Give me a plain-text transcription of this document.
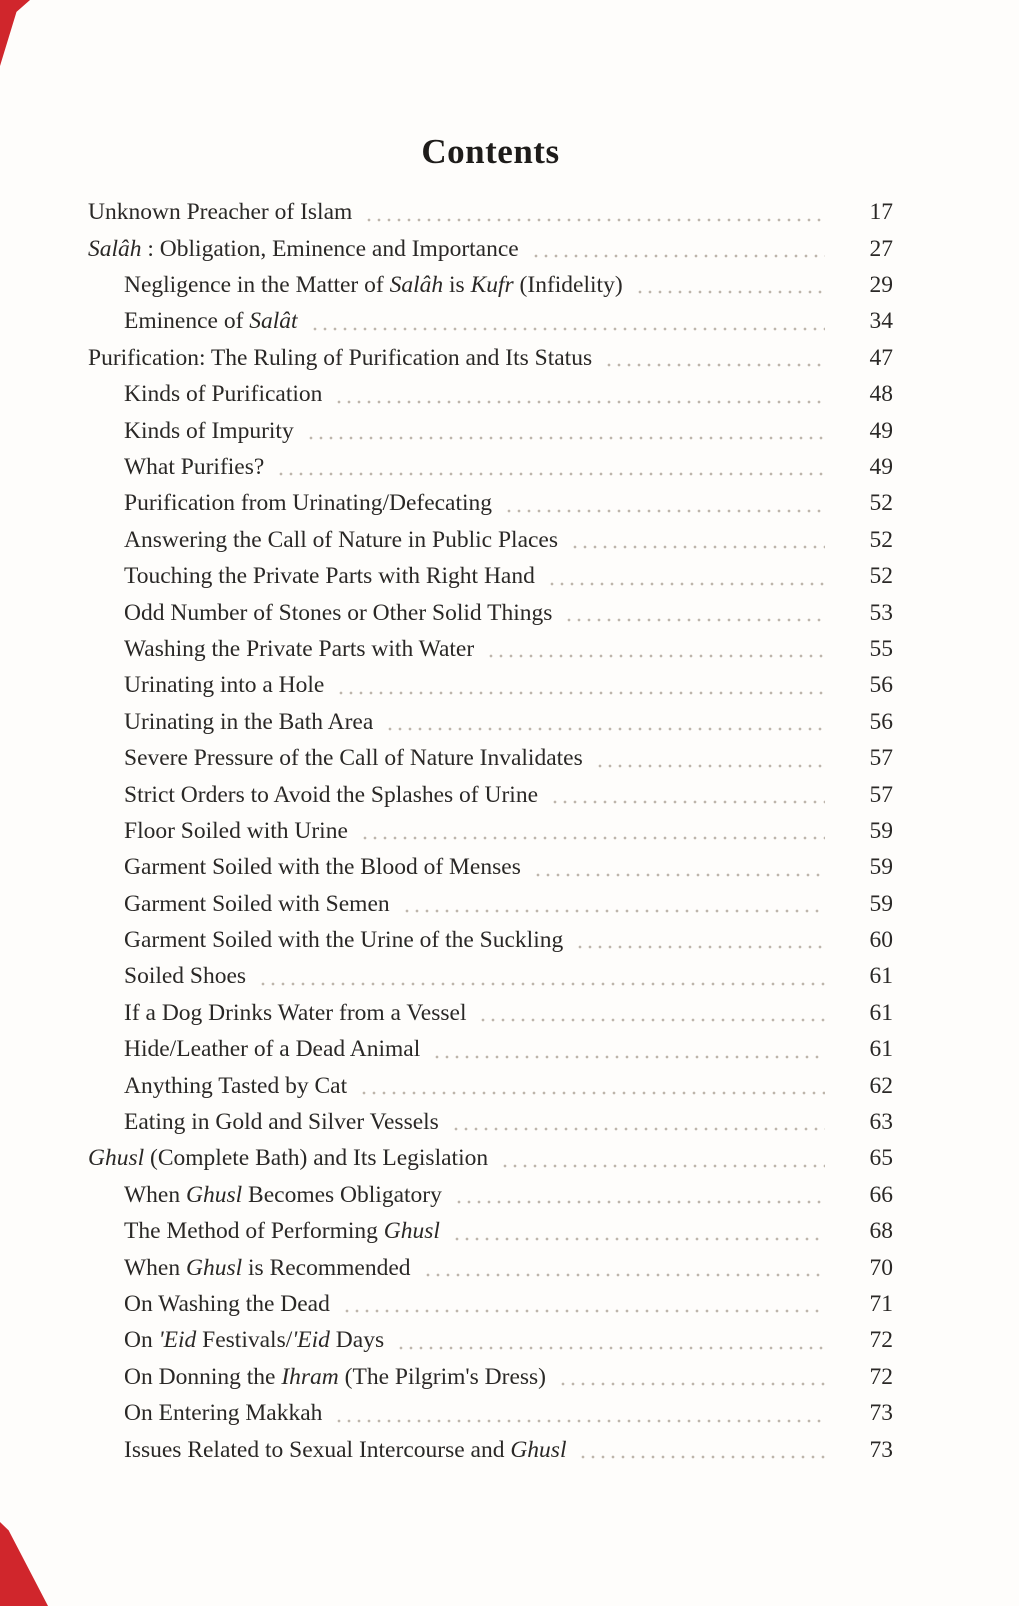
Contents
Unknown Preacher of Islam	17
Salâh : Obligation, Eminence and Importance	27
Negligence in the Matter of Salâh is Kufr (Infidelity)	29
Eminence of Salât	34
Purification: The Ruling of Purification and Its Status	47
Kinds of Purification	48
Kinds of Impurity	49
What Purifies?	49
Purification from Urinating/Defecating	52
Answering the Call of Nature in Public Places	52
Touching the Private Parts with Right Hand	52
Odd Number of Stones or Other Solid Things	53
Washing the Private Parts with Water	55
Urinating into a Hole	56
Urinating in the Bath Area	56
Severe Pressure of the Call of Nature Invalidates	57
Strict Orders to Avoid the Splashes of Urine	57
Floor Soiled with Urine	59
Garment Soiled with the Blood of Menses	59
Garment Soiled with Semen	59
Garment Soiled with the Urine of the Suckling	60
Soiled Shoes	61
If a Dog Drinks Water from a Vessel	61
Hide/Leather of a Dead Animal	61
Anything Tasted by Cat	62
Eating in Gold and Silver Vessels	63
Ghusl (Complete Bath) and Its Legislation	65
When Ghusl Becomes Obligatory	66
The Method of Performing Ghusl	68
When Ghusl is Recommended	70
On Washing the Dead	71
On 'Eid Festivals/'Eid Days	72
On Donning the Ihram (The Pilgrim's Dress)	72
On Entering Makkah	73
Issues Related to Sexual Intercourse and Ghusl	73
